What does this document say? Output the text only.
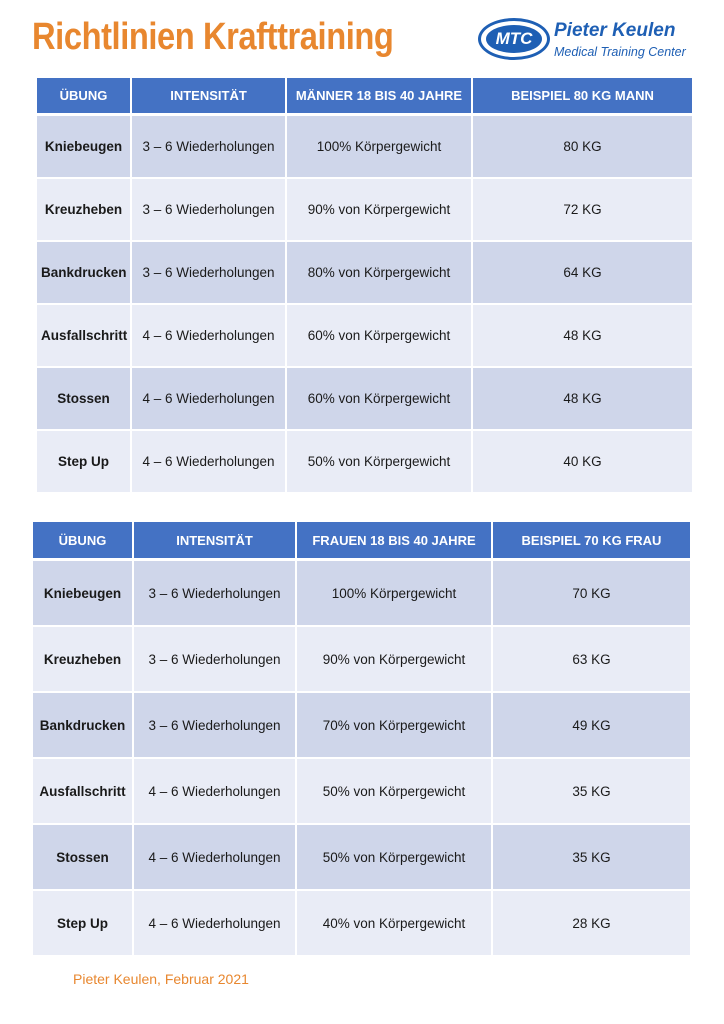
Richtlinien Krafttraining	MTC	Pieter Keulen
Medical Training Center
ÜBUNG	INTENSITÄT	MÄNNER 18 BIS 40 JAHRE	BEISPIEL 80 KG MANN
Kniebeugen	3 – 6 Wiederholungen	100% Körpergewicht	80 KG
Kreuzheben	3 – 6 Wiederholungen	90% von Körpergewicht	72 KG
Bankdrucken	3 – 6 Wiederholungen	80% von Körpergewicht	64 KG
Ausfallschritt	4 – 6 Wiederholungen	60% von Körpergewicht	48 KG
Stossen	4 – 6 Wiederholungen	60% von Körpergewicht	48 KG
Step Up	4 – 6 Wiederholungen	50% von Körpergewicht	40 KG
ÜBUNG	INTENSITÄT	FRAUEN 18 BIS 40 JAHRE	BEISPIEL 70 KG FRAU
Kniebeugen	3 – 6 Wiederholungen	100% Körpergewicht	70 KG
Kreuzheben	3 – 6 Wiederholungen	90% von Körpergewicht	63 KG
Bankdrucken	3 – 6 Wiederholungen	70% von Körpergewicht	49 KG
Ausfallschritt	4 – 6 Wiederholungen	50% von Körpergewicht	35 KG
Stossen	4 – 6 Wiederholungen	50% von Körpergewicht	35 KG
Step Up	4 – 6 Wiederholungen	40% von Körpergewicht	28 KG
Pieter Keulen, Februar 2021
